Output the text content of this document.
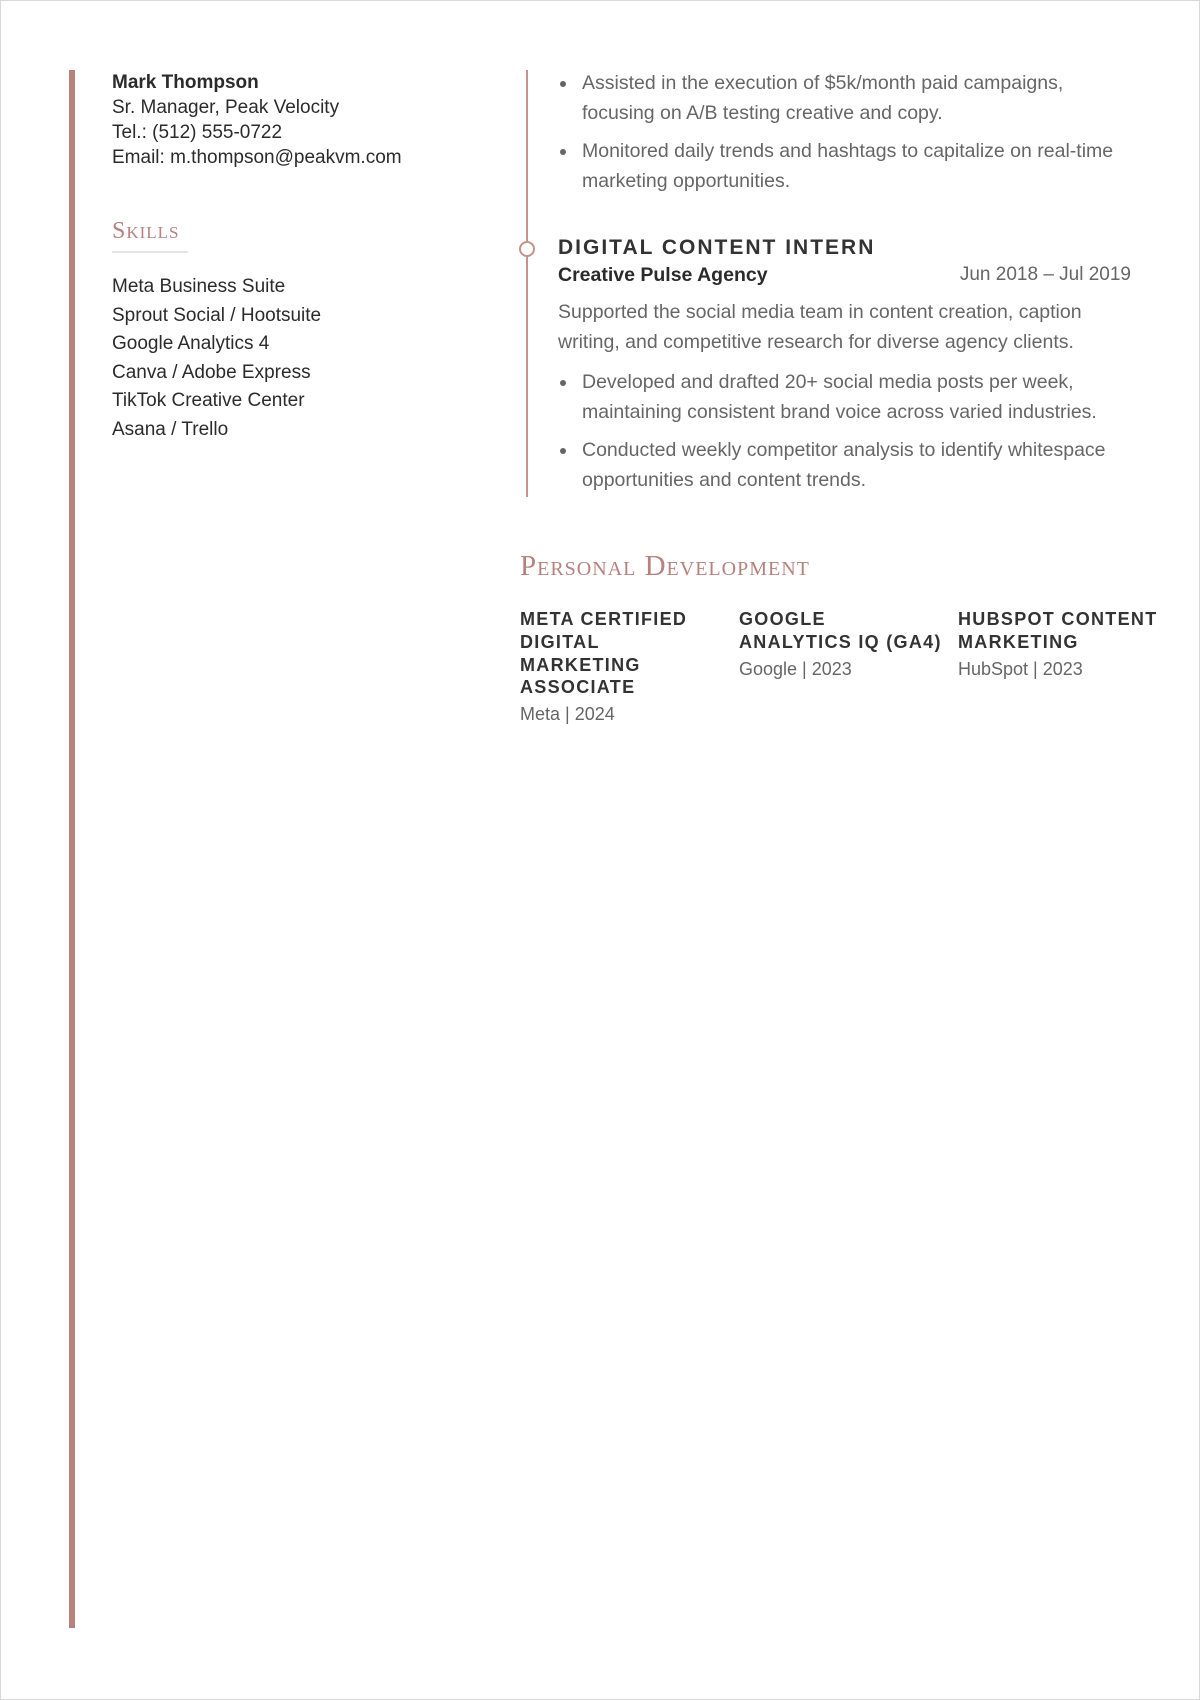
Mark Thompson
Sr. Manager, Peak Velocity
Tel.: (512) 555-0722
Email: m.thompson@peakvm.com
Skills
Meta Business Suite
Sprout Social / Hootsuite
Google Analytics 4
Canva / Adobe Express
TikTok Creative Center
Asana / Trello
Assisted in the execution of $5k/month paid campaigns, focusing on A/B testing creative and copy.
Monitored daily trends and hashtags to capitalize on real-time marketing opportunities.
DIGITAL CONTENT INTERN
Creative Pulse Agency	Jun 2018 – Jul 2019
Supported the social media team in content creation, caption writing, and competitive research for diverse agency clients.
Developed and drafted 20+ social media posts per week, maintaining consistent brand voice across varied industries.
Conducted weekly competitor analysis to identify whitespace opportunities and content trends.
Personal Development
META CERTIFIED DIGITAL MARKETING ASSOCIATE
Meta | 2024
GOOGLE ANALYTICS IQ (GA4)
Google | 2023
HUBSPOT CONTENT MARKETING
HubSpot | 2023
